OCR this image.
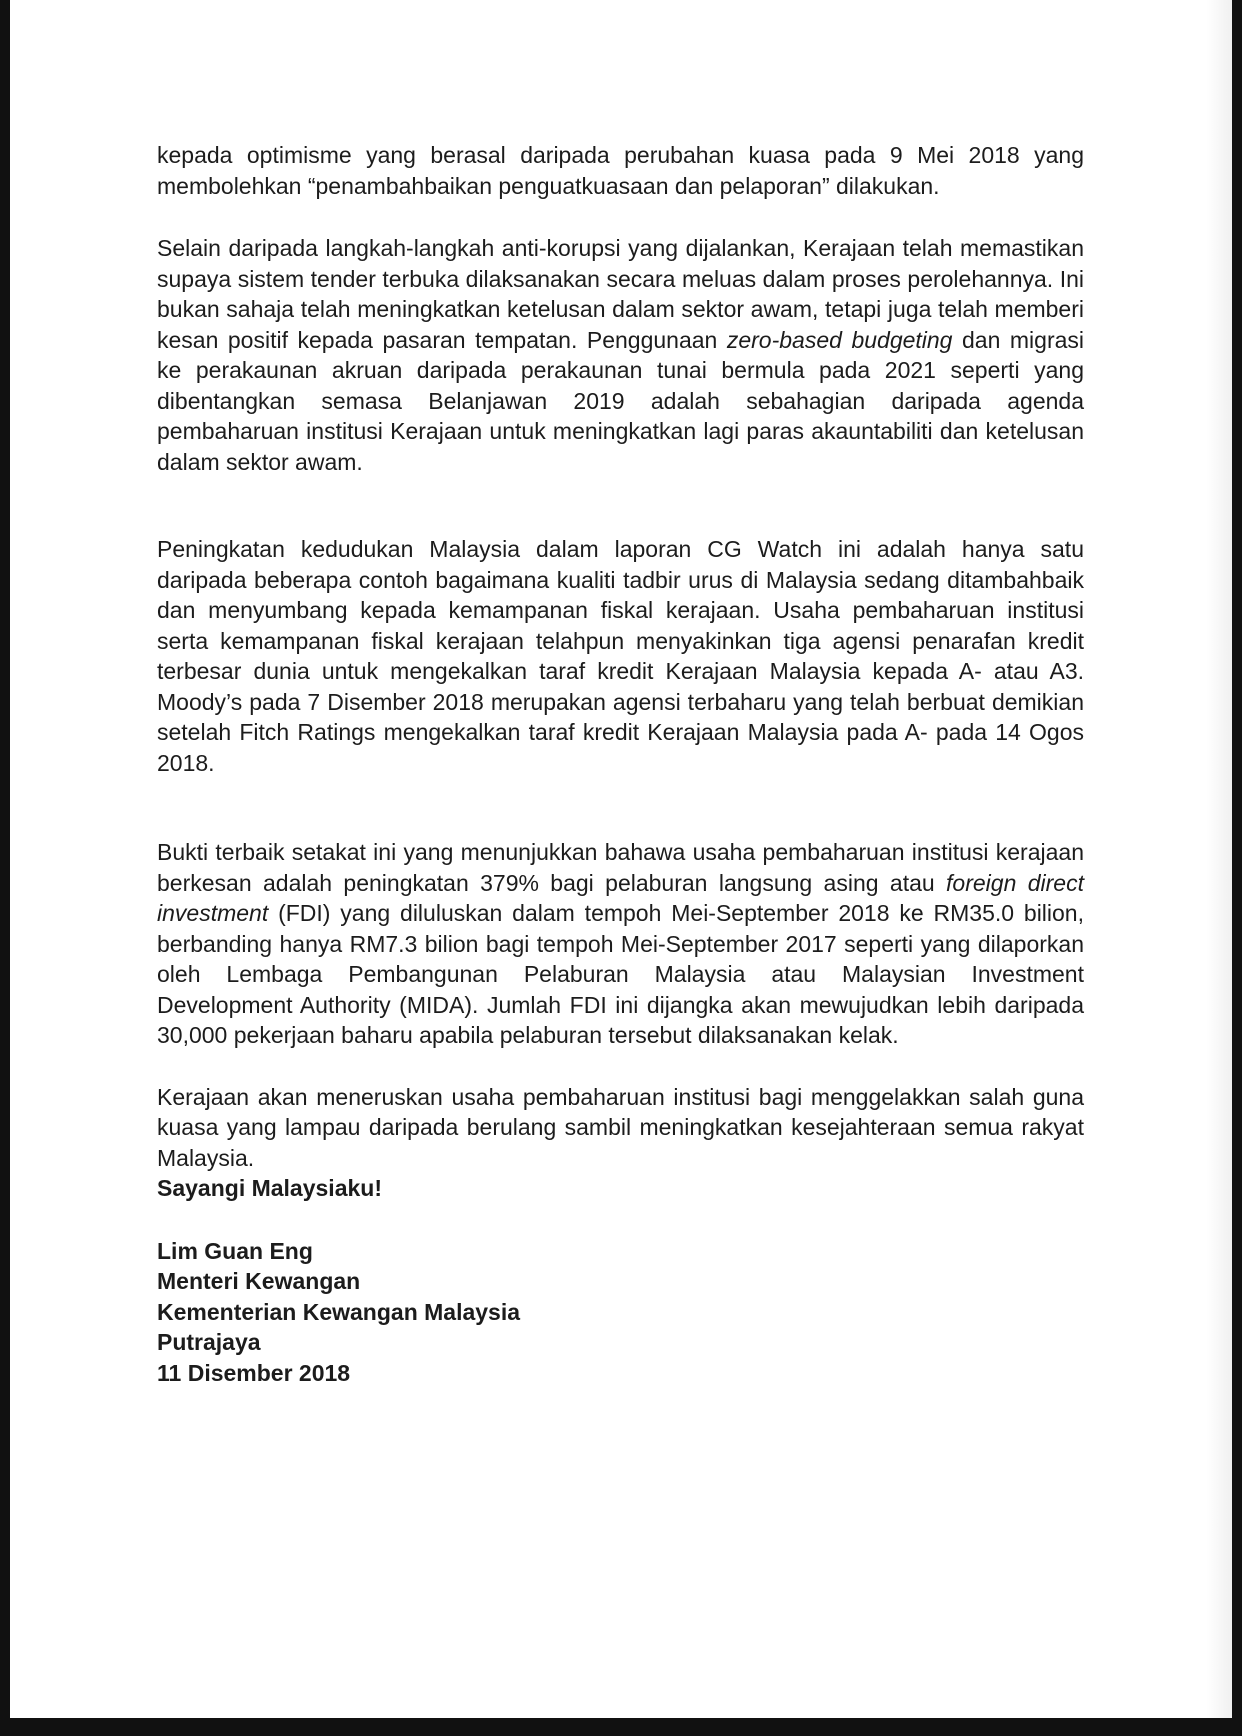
kepada optimisme yang berasal daripada perubahan kuasa pada 9 Mei 2018 yang membolehkan “penambahbaikan penguatkuasaan dan pelaporan” dilakukan.

Selain daripada langkah-langkah anti-korupsi yang dijalankan, Kerajaan telah memastikan supaya sistem tender terbuka dilaksanakan secara meluas dalam proses perolehannya. Ini bukan sahaja telah meningkatkan ketelusan dalam sektor awam, tetapi juga telah memberi kesan positif kepada pasaran tempatan. Penggunaan zero-based budgeting dan migrasi ke perakaunan akruan daripada perakaunan tunai bermula pada 2021 seperti yang dibentangkan semasa Belanjawan 2019 adalah sebahagian daripada agenda pembaharuan institusi Kerajaan untuk meningkatkan lagi paras akauntabiliti dan ketelusan dalam sektor awam.

Peningkatan kedudukan Malaysia dalam laporan CG Watch ini adalah hanya satu daripada beberapa contoh bagaimana kualiti tadbir urus di Malaysia sedang ditambahbaik dan menyumbang kepada kemampanan fiskal kerajaan. Usaha pembaharuan institusi serta kemampanan fiskal kerajaan telahpun menyakinkan tiga agensi penarafan kredit terbesar dunia untuk mengekalkan taraf kredit Kerajaan Malaysia kepada A- atau A3. Moody’s pada 7 Disember 2018 merupakan agensi terbaharu yang telah berbuat demikian setelah Fitch Ratings mengekalkan taraf kredit Kerajaan Malaysia pada A- pada 14 Ogos 2018.

Bukti terbaik setakat ini yang menunjukkan bahawa usaha pembaharuan institusi kerajaan berkesan adalah peningkatan 379% bagi pelaburan langsung asing atau foreign direct investment (FDI) yang diluluskan dalam tempoh Mei-September 2018 ke RM35.0 bilion, berbanding hanya RM7.3 bilion bagi tempoh Mei-September 2017 seperti yang dilaporkan oleh Lembaga Pembangunan Pelaburan Malaysia atau Malaysian Investment Development Authority (MIDA). Jumlah FDI ini dijangka akan mewujudkan lebih daripada 30,000 pekerjaan baharu apabila pelaburan tersebut dilaksanakan kelak.

Kerajaan akan meneruskan usaha pembaharuan institusi bagi menggelakkan salah guna kuasa yang lampau daripada berulang sambil meningkatkan kesejahteraan semua rakyat Malaysia.

Sayangi Malaysiaku!

Lim Guan Eng
Menteri Kewangan
Kementerian Kewangan Malaysia
Putrajaya
11 Disember 2018
